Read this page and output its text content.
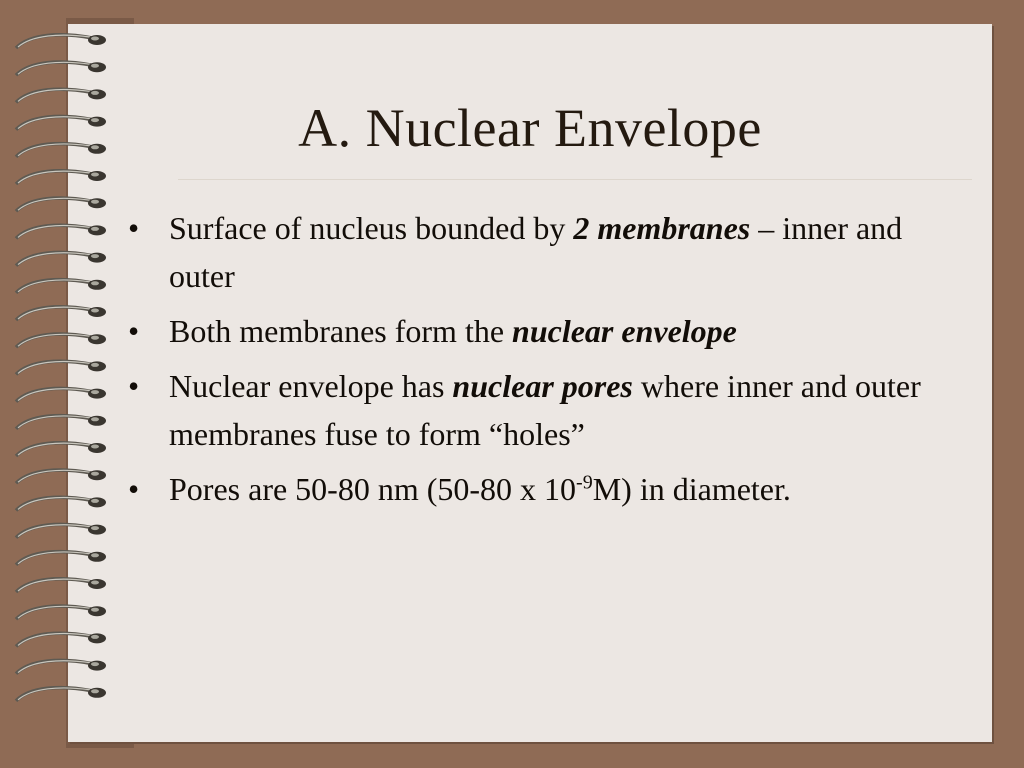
A. Nuclear Envelope
• Surface of nucleus bounded by 2 membranes – inner and outer
• Both membranes form the nuclear envelope
• Nuclear envelope has nuclear pores where inner and outer membranes fuse to form “holes”
• Pores are 50-80 nm (50-80 x $10^{-9}M$) in diameter.
